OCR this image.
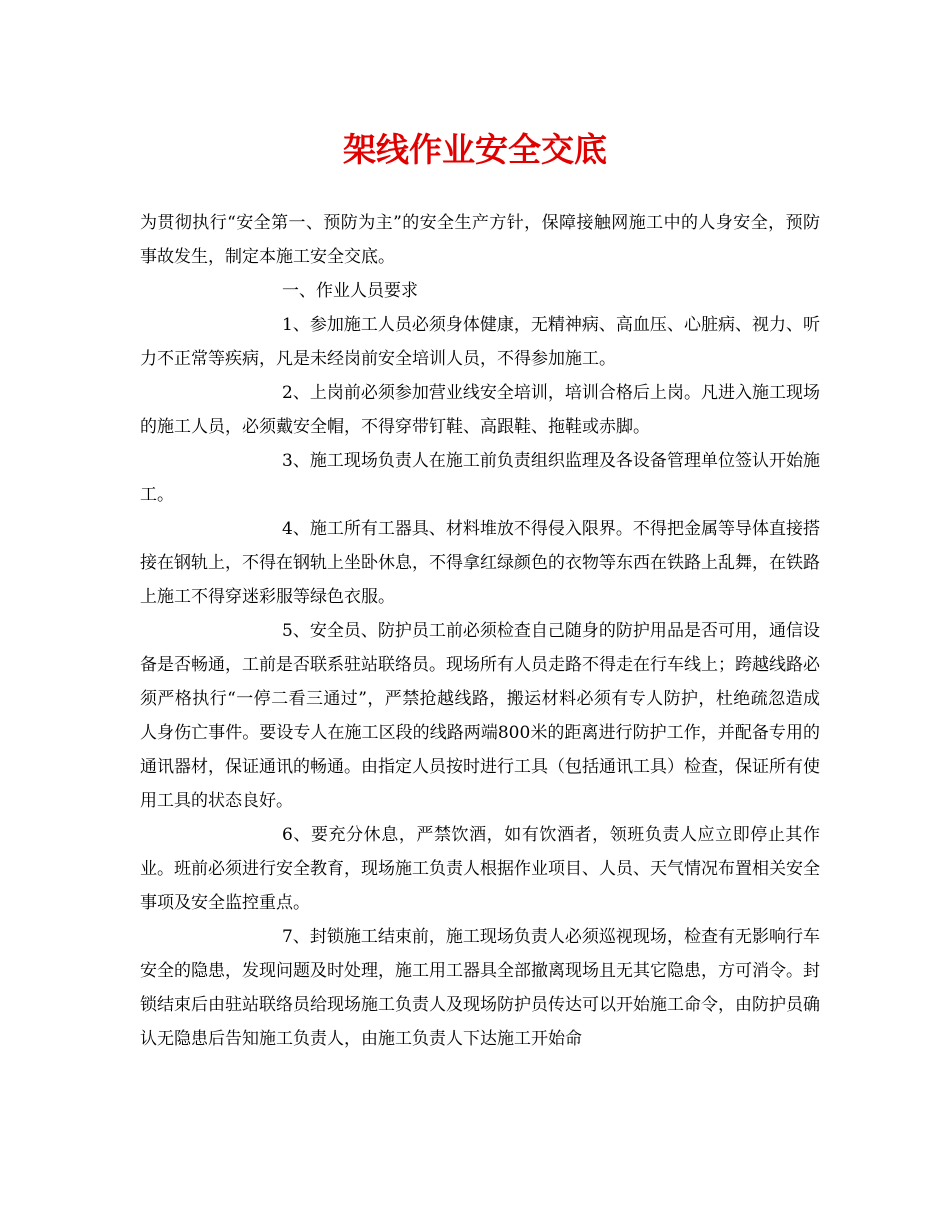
架线作业安全交底

为贯彻执行“安全第一、预防为主”的安全生产方针，保障接触网施工中的人身安全，预防事故发生，制定本施工安全交底。

一、作业人员要求

1、参加施工人员必须身体健康，无精神病、高血压、心脏病、视力、听力不正常等疾病，凡是未经岗前安全培训人员，不得参加施工。

2、上岗前必须参加营业线安全培训，培训合格后上岗。凡进入施工现场的施工人员，必须戴安全帽，不得穿带钉鞋、高跟鞋、拖鞋或赤脚。

3、施工现场负责人在施工前负责组织监理及各设备管理单位签认开始施工。

4、施工所有工器具、材料堆放不得侵入限界。不得把金属等导体直接搭接在钢轨上，不得在钢轨上坐卧休息，不得拿红绿颜色的衣物等东西在铁路上乱舞，在铁路上施工不得穿迷彩服等绿色衣服。

5、安全员、防护员工前必须检查自己随身的防护用品是否可用，通信设备是否畅通，工前是否联系驻站联络员。现场所有人员走路不得走在行车线上；跨越线路必须严格执行“一停二看三通过”，严禁抢越线路，搬运材料必须有专人防护，杜绝疏忽造成人身伤亡事件。要设专人在施工区段的线路两端800米的距离进行防护工作，并配备专用的通讯器材，保证通讯的畅通。由指定人员按时进行工具（包括通讯工具）检查，保证所有使用工具的状态良好。

6、要充分休息，严禁饮酒，如有饮酒者，领班负责人应立即停止其作业。班前必须进行安全教育，现场施工负责人根据作业项目、人员、天气情况布置相关安全事项及安全监控重点。

7、封锁施工结束前，施工现场负责人必须巡视现场，检查有无影响行车安全的隐患，发现问题及时处理，施工用工器具全部撤离现场且无其它隐患，方可消令。封锁结束后由驻站联络员给现场施工负责人及现场防护员传达可以开始施工命令，由防护员确认无隐患后告知施工负责人，由施工负责人下达施工开始命
